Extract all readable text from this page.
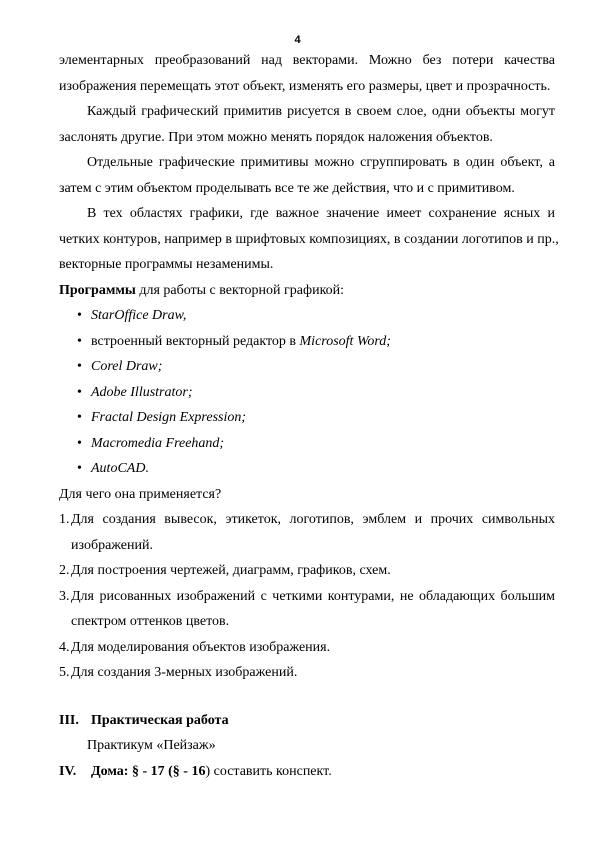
4
элементарных преобразований над векторами. Можно без потери качества
изображения перемещать этот объект, изменять его размеры, цвет и прозрачность.
Каждый графический примитив рисуется в своем слое, одни объекты могут
заслонять другие. При этом можно менять порядок наложения объектов.
Отдельные графические примитивы можно сгруппировать в один объект, а
затем с этим объектом проделывать все те же действия, что и с примитивом.
В тех областях графики, где важное значение имеет сохранение ясных и
четких контуров, например в шрифтовых композициях, в создании логотипов и пр.,
векторные программы незаменимы.
Программы для работы с векторной графикой:
• StarOffice Draw,
• встроенный векторный редактор в Microsoft Word;
• Corel Draw;
• Adobe Illustrator;
• Fractal Design Expression;
• Macromedia Freehand;
• AutoCAD.
Для чего она применяется?
1. Для создания вывесок, этикеток, логотипов, эмблем и прочих символьных
изображений.
2. Для построения чертежей, диаграмм, графиков, схем.
3. Для рисованных изображений с четкими контурами, не обладающих большим
спектром оттенков цветов.
4. Для моделирования объектов изображения.
5. Для создания 3-мерных изображений.
III. Практическая работа
Практикум «Пейзаж»
IV. Дома: § - 17 (§ - 16) составить конспект.
